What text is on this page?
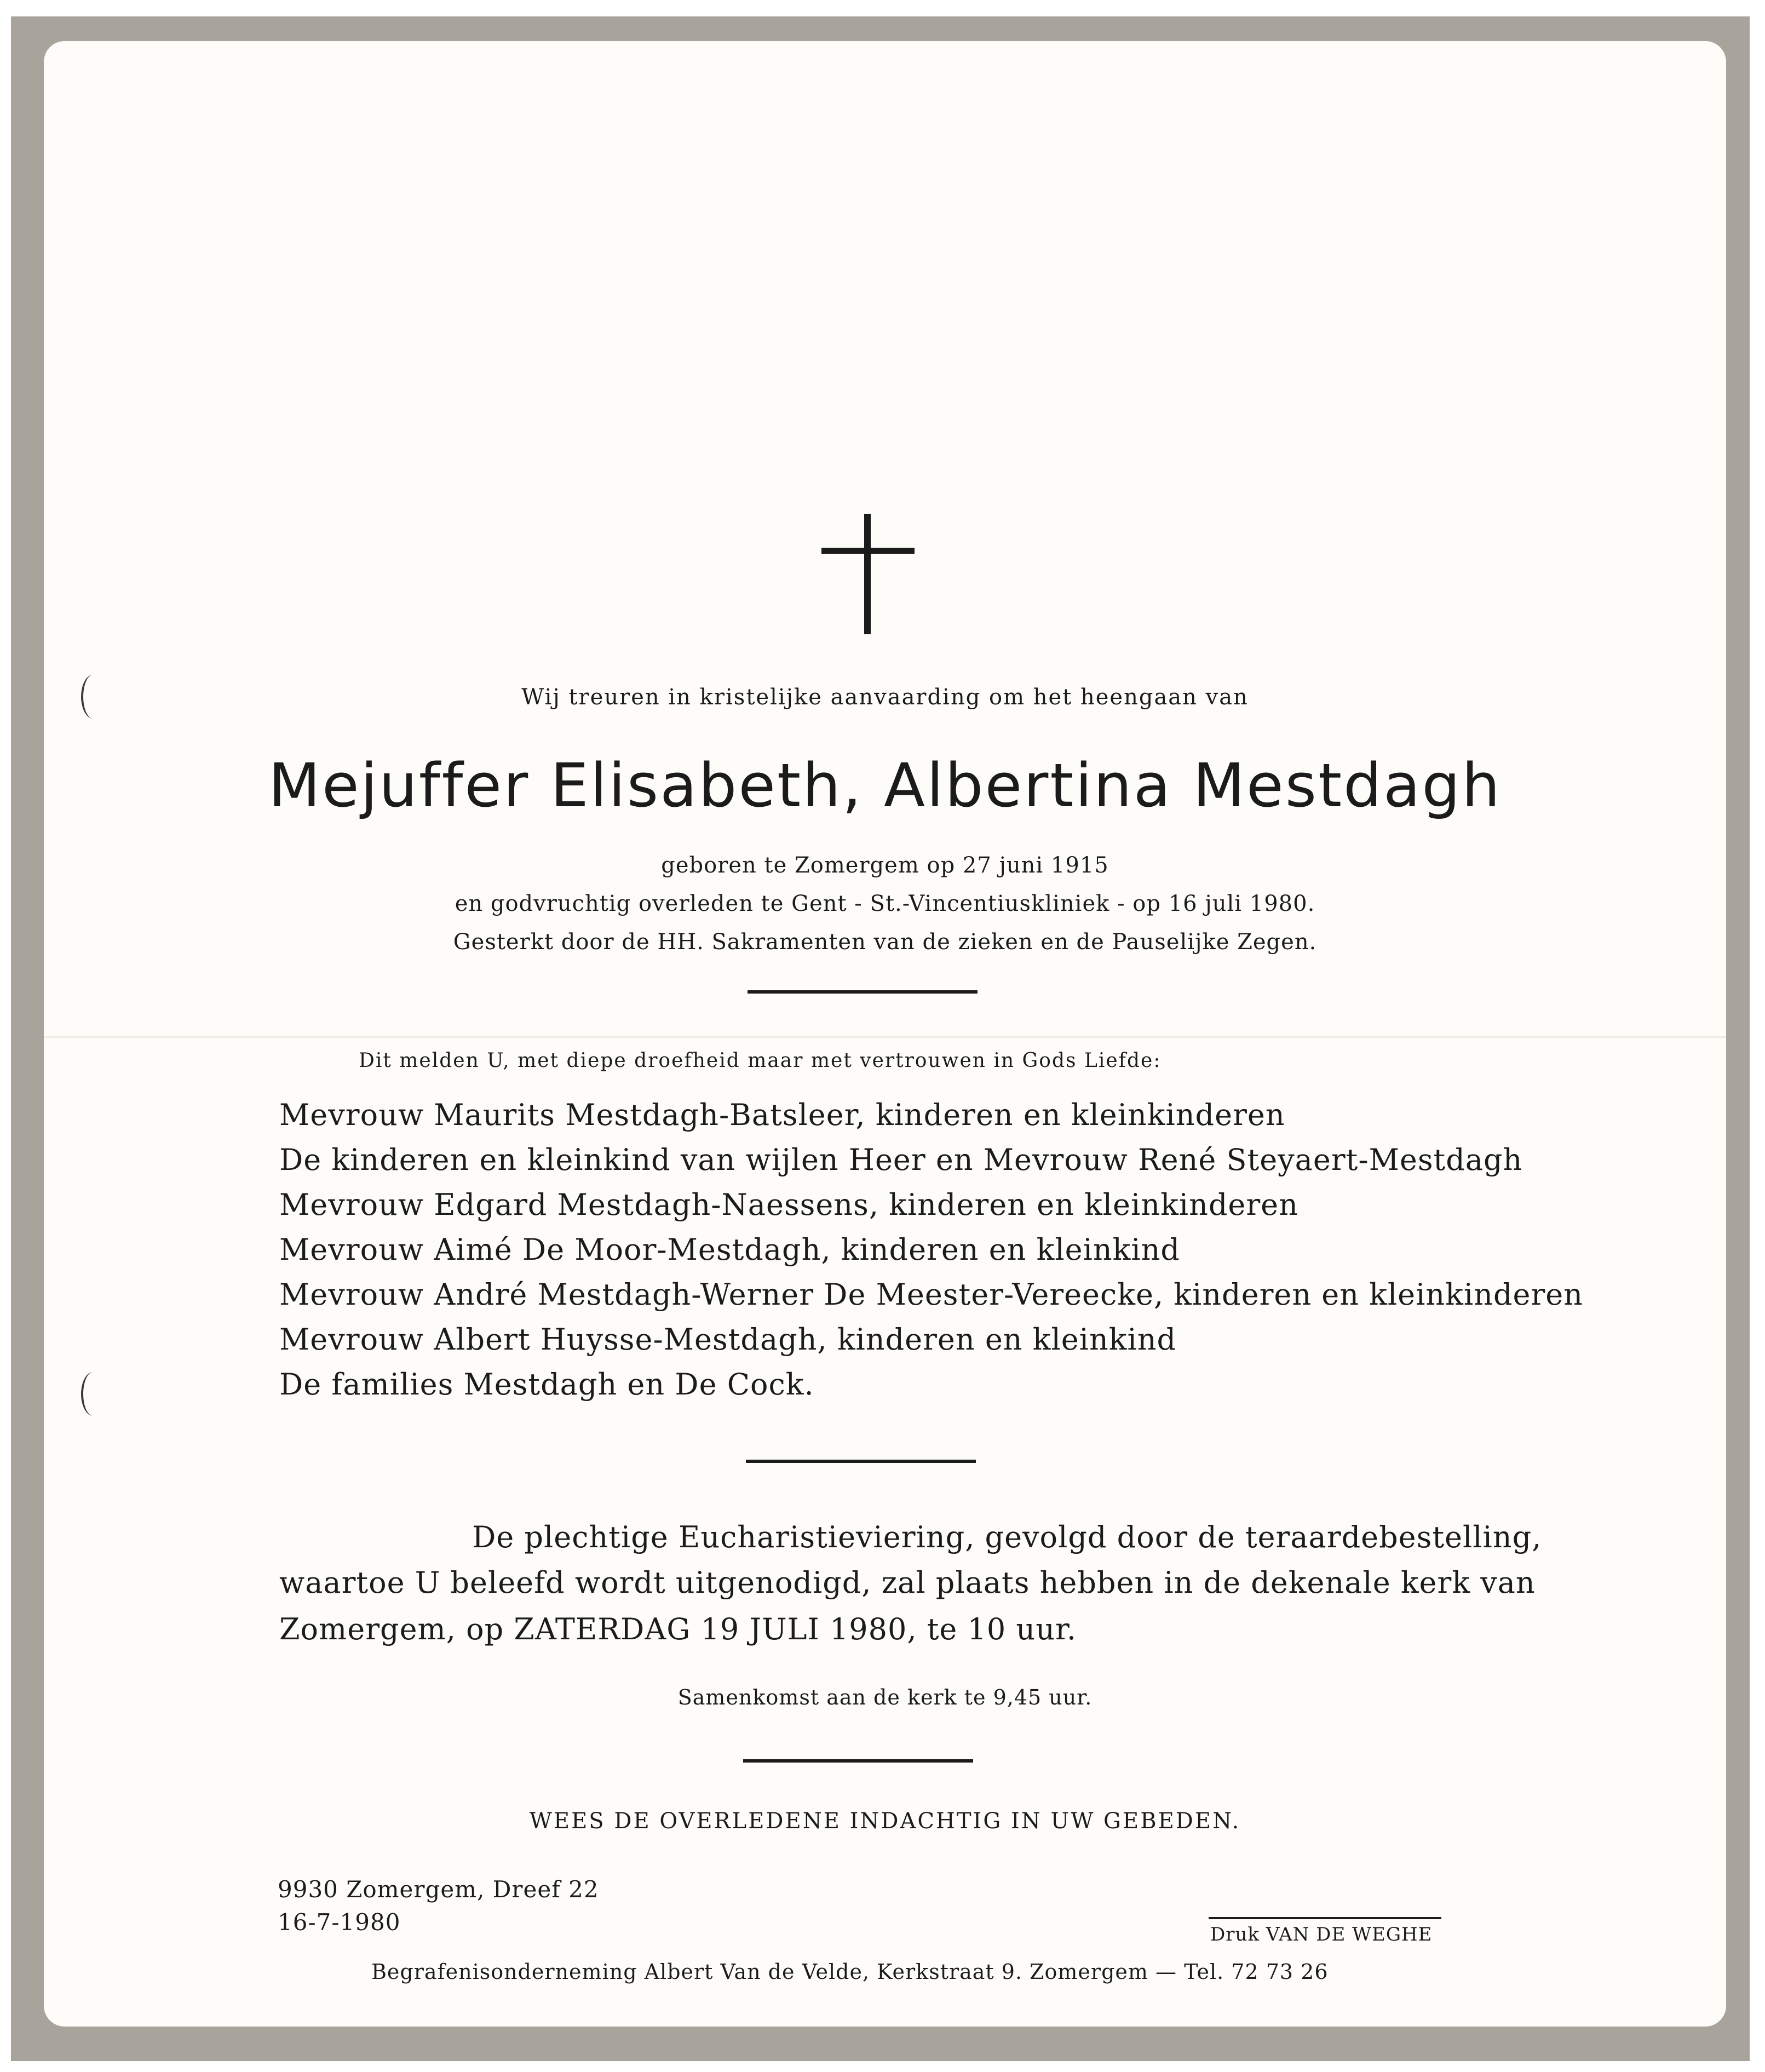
Wij treuren in kristelijke aanvaarding om het heengaan van
Mejuffer Elisabeth, Albertina Mestdagh
geboren te Zomergem op 27 juni 1915
en godvruchtig overleden te Gent - St.-Vincentiuskliniek - op 16 juli 1980.
Gesterkt door de HH. Sakramenten van de zieken en de Pauselijke Zegen.
Dit melden U, met diepe droefheid maar met vertrouwen in Gods Liefde:
Mevrouw Maurits Mestdagh-Batsleer, kinderen en kleinkinderen
De kinderen en kleinkind van wijlen Heer en Mevrouw René Steyaert-Mestdagh
Mevrouw Edgard Mestdagh-Naessens, kinderen en kleinkinderen
Mevrouw Aimé De Moor-Mestdagh, kinderen en kleinkind
Mevrouw André Mestdagh-Werner De Meester-Vereecke, kinderen en kleinkinderen
Mevrouw Albert Huysse-Mestdagh, kinderen en kleinkind
De families Mestdagh en De Cock.
De plechtige Eucharistieviering, gevolgd door de teraardebestelling,
waartoe U beleefd wordt uitgenodigd, zal plaats hebben in de dekenale kerk van
Zomergem, op ZATERDAG 19 JULI 1980, te 10 uur.
Samenkomst aan de kerk te 9,45 uur.
WEES DE OVERLEDENE INDACHTIG IN UW GEBEDEN.
9930 Zomergem, Dreef 22
16-7-1980	Druk VAN DE WEGHE
Begrafenisonderneming Albert Van de Velde, Kerkstraat 9. Zomergem — Tel. 72 73 26
